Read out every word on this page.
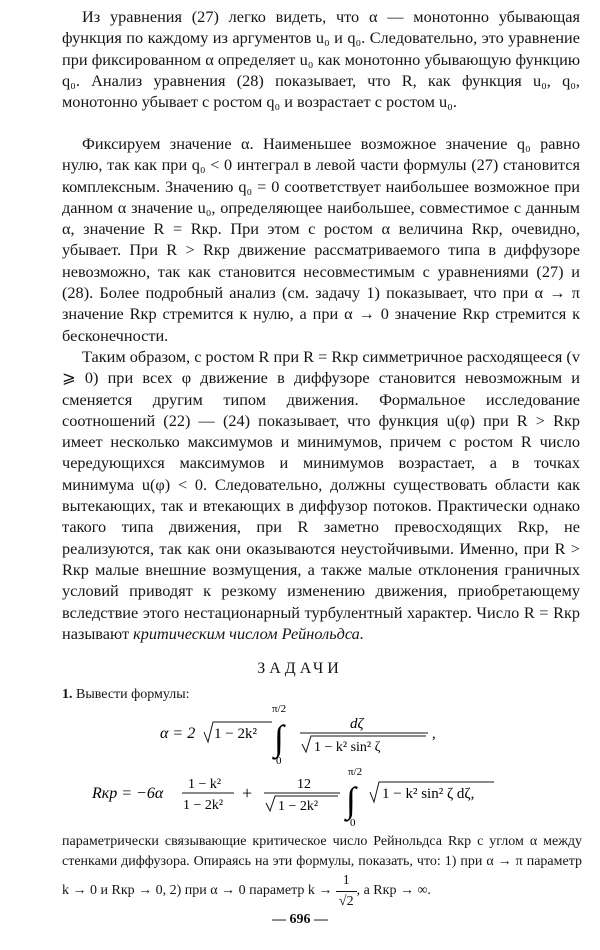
Из уравнения (27) легко видеть, что α — монотонно убывающая функция по каждому из аргументов u₀ и q₀. Следовательно, это уравнение при фиксированном α определяет u₀ как монотонно убывающую функцию q₀. Анализ уравнения (28) показывает, что R, как функция u₀, q₀, монотонно убывает с ростом q₀ и возрастает с ростом u₀.

Фиксируем значение α. Наименьшее возможное значение q₀ равно нулю, так как при q₀ < 0 интеграл в левой части формулы (27) становится комплексным. Значению q₀ = 0 соответствует наибольшее возможное при данном α значение u₀, определяющее наибольшее, совместимое с данным α, значение R = Rкр. При этом с ростом α величина Rкр, очевидно, убывает. При R > Rкр движение рассматриваемого типа в диффузоре невозможно, так как становится несовместимым с уравнениями (27) и (28). Более подробный анализ (см. задачу 1) показывает, что при α → π значение Rкр стремится к нулю, а при α → 0 значение Rкр стремится к бесконечности.

Таким образом, с ростом R при R = Rкр симметричное расходящееся (v ⩾ 0) при всех φ движение в диффузоре становится невозможным и сменяется другим типом движения. Формальное исследование соотношений (22) — (24) показывает, что функция u(φ) при R > Rкр имеет несколько максимумов и минимумов, причем с ростом R число чередующихся максимумов и минимумов возрастает, а в точках минимума u(φ) < 0. Следовательно, должны существовать области как вытекающих, так и втекающих в диффузор потоков. Практически однако такого типа движения, при R заметно превосходящих Rкр, не реализуются, так как они оказываются неустойчивыми. Именно, при R > Rкр малые внешние возмущения, а также малые отклонения граничных условий приводят к резкому изменению движения, приобретающему вследствие этого нестационарный турбулентный характер. Число R = Rкр называют критическим числом Рейнольдса.

ЗАДАЧИ
1. Вывести формулы:
α = 2 1 − 2k² ∫
π/2
0
dζ
1 − k² sin² ζ
,
Rкр = −6α
1 − k²
1 − 2k²
+	12
1 − 2k² ∫
π/2
0
1 − k² sin² ζ dζ,

параметрически связывающие критическое число Рейнольдса Rкр с углом α между стенками диффузора. Опираясь на эти формулы, показать, что: 1) при α → π параметр k → 0 и Rкр → 0, 2) при α → 0 параметр $k \to \frac{1}{√2}$ , а Rкр → ∞.

— 696 —
